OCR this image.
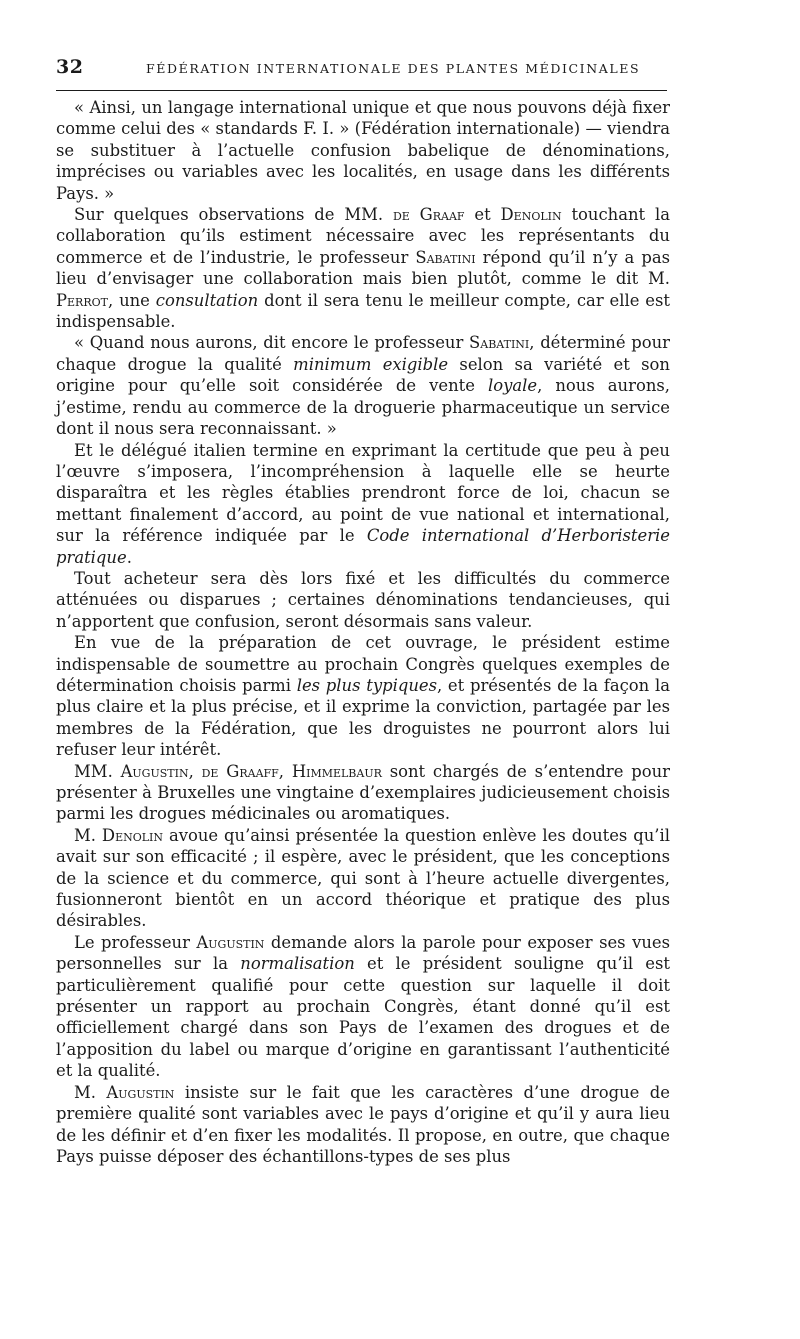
32	FÉDÉRATION INTERNATIONALE DES PLANTES MÉDICINALES

« Ainsi, un langage international unique et que nous pouvons déjà fixer comme celui des « standards F. I. » (Fédération internationale) — viendra se substituer à l’actuelle confusion babelique de dénominations, imprécises ou variables avec les localités, en usage dans les différents Pays. »

Sur quelques observations de MM. de Graaf et Denolin touchant la collaboration qu’ils estiment nécessaire avec les représentants du commerce et de l’industrie, le professeur Sabatini répond qu’il n’y a pas lieu d’envisager une collaboration mais bien plutôt, comme le dit M. Perrot, une consultation dont il sera tenu le meilleur compte, car elle est indispensable.

« Quand nous aurons, dit encore le professeur Sabatini, déterminé pour chaque drogue la qualité minimum exigible selon sa variété et son origine pour qu’elle soit considérée de vente loyale, nous aurons, j’estime, rendu au commerce de la droguerie pharmaceutique un service dont il nous sera reconnaissant. »

Et le délégué italien termine en exprimant la certitude que peu à peu l’œuvre s’imposera, l’incompréhension à laquelle elle se heurte disparaîtra et les règles établies prendront force de loi, chacun se mettant finalement d’accord, au point de vue national et international, sur la référence indiquée par le Code international d’Herboristerie pratique.

Tout acheteur sera dès lors fixé et les difficultés du commerce atténuées ou disparues ; certaines dénominations tendancieuses, qui n’apportent que confusion, seront désormais sans valeur.

En vue de la préparation de cet ouvrage, le président estime indispensable de soumettre au prochain Congrès quelques exemples de détermination choisis parmi les plus typiques, et présentés de la façon la plus claire et la plus précise, et il exprime la conviction, partagée par les membres de la Fédération, que les droguistes ne pourront alors lui refuser leur intérêt.

MM. Augustin, de Graaff, Himmelbaur sont chargés de s’entendre pour présenter à Bruxelles une vingtaine d’exemplaires judicieusement choisis parmi les drogues médicinales ou aromatiques.

M. Denolin avoue qu’ainsi présentée la question enlève les doutes qu’il avait sur son efficacité ; il espère, avec le président, que les conceptions de la science et du commerce, qui sont à l’heure actuelle divergentes, fusionneront bientôt en un accord théorique et pratique des plus désirables.

Le professeur Augustin demande alors la parole pour exposer ses vues personnelles sur la normalisation et le président souligne qu’il est particulièrement qualifié pour cette question sur laquelle il doit présenter un rapport au prochain Congrès, étant donné qu’il est officiellement chargé dans son Pays de l’examen des drogues et de l’apposition du label ou marque d’origine en garantissant l’authenticité et la qualité.

M. Augustin insiste sur le fait que les caractères d’une drogue de première qualité sont variables avec le pays d’origine et qu’il y aura lieu de les définir et d’en fixer les modalités. Il propose, en outre, que chaque Pays puisse déposer des échantillons-types de ses plus
